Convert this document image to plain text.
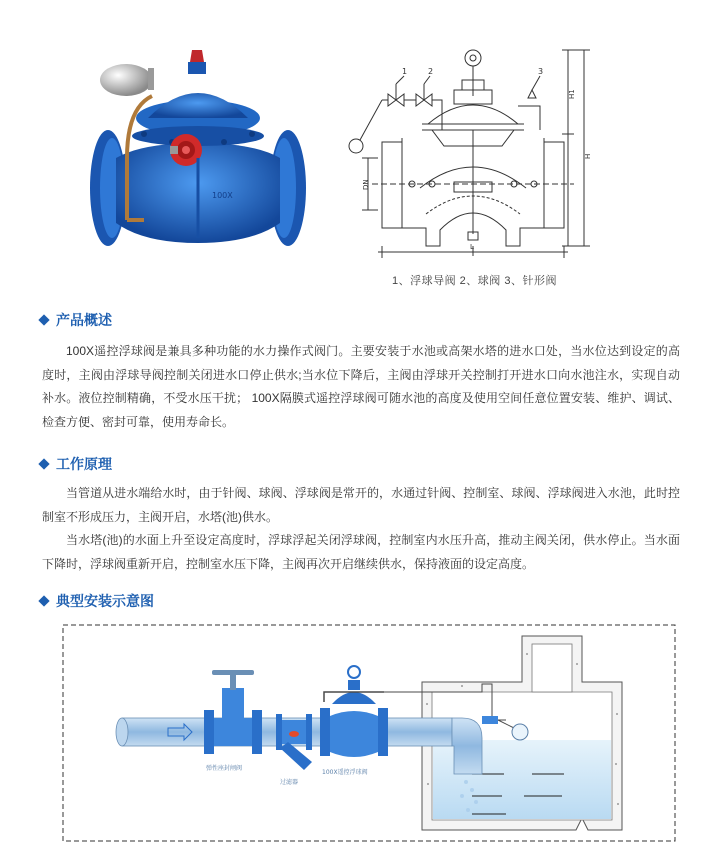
100X
1	2	3
H1
H
DN
L
1、浮球导阀 2、球阀 3、针形阀
产品概述
100X遥控浮球阀是兼具多种功能的水力操作式阀门。主要安装于水池或高架水塔的进水口处，当水位达到设定的高度时，主阀由浮球导阀控制关闭进水口停止供水;当水位下降后，主阀由浮球开关控制打开进水口向水池注水，实现自动补水。液位控制精确，不受水压干扰； 100X隔膜式遥控浮球阀可随水池的高度及使用空间任意位置安装、维护、调试、检查方便、密封可靠，使用寿命长。
工作原理
当管道从进水端给水时，由于针阀、球阀、浮球阀是常开的，水通过针阀、控制室、球阀、浮球阀进入水池，此时控制室不形成压力，主阀开启，水塔(池)供水。
当水塔(池)的水面上升至设定高度时，浮球浮起关闭浮球阀，控制室内水压升高，推动主阀关闭，供水停止。当水面下降时，浮球阀重新开启，控制室水压下降，主阀再次开启继续供水，保持液面的设定高度。
典型安装示意图
弹性座封闸阀
过滤器
100X遥控浮球阀
